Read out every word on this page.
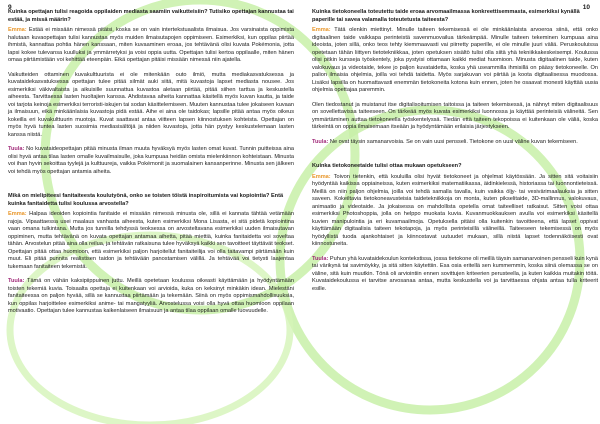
9	10

Kuinka opettajan tulisi reagoida oppilaiden mediasta saamiin vaikutteisiin? Tutisiko opettajan kannustaa tai estää, ja missä määrin?

Emma: Estää ei missään nimessä pitäisi, koska se on vain intertekstuaalista ilmaisua. Jos varsinaista oppimista halutaan kuvaopettajan tulisi kannustaa myös muiden ilmaisutapojen oppimiseen. Esimerkiksi, kun oppilas piirtää ihmistä, kannattaa pohtia hänen kanssaan, miten kuvaaminen eroaa, jos tehtävänä olisi kuvata Pokémonia, jotta lapsi kokee tulevansa kuulluksi ja ymmärretyksi ja voisi oppia uutta. Opettajan tulisi kertoa oppilaalle, miten hänen omaa piirtämistään voi kehittää eteenpäin. Eikä opettajan pitäisi missään nimessä niin ajatella.

Vaikutteiden ottaminen kuvakulttuurista ei ole mitenkään outo ilmiö, mutta mediakasvatuksessa ja kuvataidekasvatuksessa opettajan tulee pitää silmät auki siitä, mitä kuvastoja lapset mediasta nousee. Jos esimerkiksi väkivaltaista ja aikuisille suunnattua kuvastoa aletaan piirtää, pitää siihen tarttua ja keskustella aiheesta. Tarvittaessa lasten huoltajien kanssa. Ahdistavaa aiheita kannattaa käsitellä myös kuvan kautta, ja taide voi tarjota keinoja esimerkiksi terroristi-iskujen tai sodan käsittelemiseen. Muuten kannustaa tulee jokaiseen kuvaan ja ilmaisuun, eikä minkäänlaisia kuvastoja pidä estää. Aihe ei aina ole taidokas; lapsille pitää antaa myös oikeus kokeilla eri kuvakulttuurin muotoja. Kuvat saattavat antaa viitteen lapsen kiinnostuksen kohteista. Opettajan on myös hyvä tuntea lasten suosimia mediasisältöjä ja niiden kuvastoja, jotta hän pystyy keskustelemaan lasten kanssa niistä.

Tuula: No kuvataideopettajan pitää minusta ilman muuta hyväksyä myös lasten omat kuvat. Tunnin puitteissa aina olisi hyvä antaa tilaa lasten omalle kuvailmaisulle, joka kumpuaa heidän omista mielenkiinnon kohteistaan. Minusta voi ihan hyvin sekoittaa tyylejä ja kulttuureja, vaikka Pokémonit ja suomalainen kansanperinne. Minusta sen jälkeen voi tehdä myös opettajan antamia aiheita.

Mikä on mielipiteesi fanitaiteesta koulutyönä, onko se toisten töistä inspiroitumista vai kopiointia? Entä kuinka fanitaidetta tulisi koulussa arvostella?

Emma: Halpaa ideoiden kopiointia fanitaide ei missään nimessä minusta ole, sillä ei kannata tähtää vetämään rajoja. Vipaattaessa usei maalaus vanhasta aiheesta, kuten esimerkiksi Mona Lisasta, ei sitä pidetä kopiointina vaan omana tulkintana. Mutta jos tunnilla tehdyssä teoksessa on arvosteltavana esimerkiksi uuden ilmaisutavan oppiminen, mutta tehtävänä on kuvata opettajan antamaa aihetta, pitää miettiä, kuinka fanitaidetta voi soveltaa tähän. Arvostelun pitää aina olla reilua, ja tehtävän ratkaisuna tulee hyväksyä kaikki sen tavoitteet täyttävät teokset. Opettajan pitää ottaa huomioon, että esimerkiksi paljon harjoitellut fanitaiteilija voi olla taitavampi piirtämään kuin muut. Eli pitää punnita realistisen taidon ja tehtävään panostamisen välillä. Ja tehtävää voi tietysti laajentaa tukemaan fanitaiteen tekemistä.

Tuula: Tämä on vähän kaksipiippuinen juttu. Meillä opetetaan koulussa oikeasti käyttämään ja hyödyntämään toisten tekemiä kuvia. Toisaalta opettaja ei kuitenkaan voi arvioida, kuka on keksinyt minkäkin idean. Mielestäni fanitaiteessa on paljon hyvää, sillä se kannustaa piirtämään ja tekemään. Siinä on myös oppimismahdollisuuksia, kun oppilas harjoittelee esimerkiksi anime- tai mangatyyliä. Arvostelussa voisi olla hyvä ottaa huomioon oppilaan motivaatio. Opettajan tulee kannustaa kaikenlaiseen ilmaisuun ja antaa tilaa oppilaan omalle luovuudelle.

Kuinka tietokoneella toteutettu taide eroaa arvomaailmassa konkreettisemmasta, esimerkiksi kynällä paperille tai saveа valamalla toteutetusta taiteesta?

Emma: Tätä olenkin miettinyt. Minulle taiteen tekemisessä ei ole minkäänlaista arvoeroa siinä, että onko digitaalinen taide vaikkapa perinteistä savenmuovailua tärkeämpää. Minulle taiteen tekeminen kumpuaa aina ideoista, joten sillä, onko teos tehty kiemmaavasti vai piirretty paperille, ei ole minulle juuri väliä. Peruskouluissa opetetaan tähän liittyen tietotekniikkaa, joten opetuksen sisältö tulisi olla siitä yhä tekniikkakeskeisempi. Koulussa olisi pitkin kursseja työskentely, joka pystyisi ottamaan kaikki mediat huomioon. Minusta digitaalinen taide, kuten valokuvaus ja videotaide, tekee jo paljon kuvataidetta, koska yhä useammilla ihmisillä on pääsy tietokoneelle. On palion ilmaisia ohjelmia, joilla voi tehdä taidetta. Myös sarjakuvan voi piirtää ja koota digitaalisessa muodossa. Lisäksi lapsilla on huomattavasti enemmän tietokoneita kotona kuin ennen, joten he osaavat monesti käyttää uusia ohjelmia opettajaa paremmin.

Olen tiedostanut ja muistanut itse digitalisoitumisen taitoissa ja taiteen tekemisessä, ja nähnyt miten digitaalisuus on sovellettavissa taiteeseen. On tärkeää myös kuvata esimerkiksi luonnossa ja käyttää perinteisiä välineitä. Sen ymmärtäminen auttaa tietokoneella työskentelyssä. Tiedän että taiteen tekopoissa ei kuitenkaan ole väliä, koska tärkeintä on oppia ilmaisemaan itseään ja hyödyntämään erilaisia järjestykseen.

Tuula: Ne ovat täysin samanarvoisia. Se on vain uusi pensseli. Tietokone on uusi väline kuvan tekemiseen.

Kuinka tietokoneetaide tulisi ottaa mukaan opetukseen?

Emma: Toivon tietenkin, että kouluilla olisi hyvät tietokoneet ja ohjelmat käytössään. Ja sitten sitä voitaisiin hyödyntää kaikissa oppiaineissa, kuten esimerkiksi matematiikassa, äidinkielessä, historiassa tai luonnontieteissä. Meillä on niin paljon ohjelmia, joilla voi tehdä samalla tavalla, kuin vaikka öljy- tai vesivärimaalauksia ja sitten saveen. Kokeiltavia tietokoneavusteisia taidetekniikkoja on monta, kuten pikselitaide, 3D-mallinnus, valokuvaus, animaatio ja videotaide. Ja jokaisessa on mahdollista opetella omat taiteelliset ratkaisut. Sitten voisi ottaa esimerkiksi Photoshoppia, jolla on helppo muokata kuvia. Kuvanmuokkauksen avulla voi esimerkiksi käsitellä kuvien manipulointia ja eri kuvamaailmoja. Opetuksella pitäisi olla kuitenkin tavoitteena, että lapset oppivat käyttämään digitaalisia taiteen tekotapoja, ja myös perinteisillä välineillä. Taiteeseen tekemisessä on myös hyödyllistä tuoda ajankohtaiset ja kiinnostavat uutuudet mukaan, sillä niistä lapset todennäköisesti ovat kiinnostuneita.

Tuula: Puhun yhä kuvataidekoulun kontekstissa, jossa tietokone oli meillä täysin samanarvoinen pensseli kuin kynä tai värikynä tai savimöykky, ja sitä sitten käytettiin. Esa osia eritellä sen kummemmin, koska siinä olemassa se on väline, sitä kuin muutkin. Tönä oli arviointiin ennen sovittujen kriteerien perusteella, ja kuten kaikkia muitakin töitä. Kuvataidekoulussa ei tarvitse arvosanaa antaa, mutta keskustella voi ja tarvittaessa ohjata antaa tulla kriteerit esille.
